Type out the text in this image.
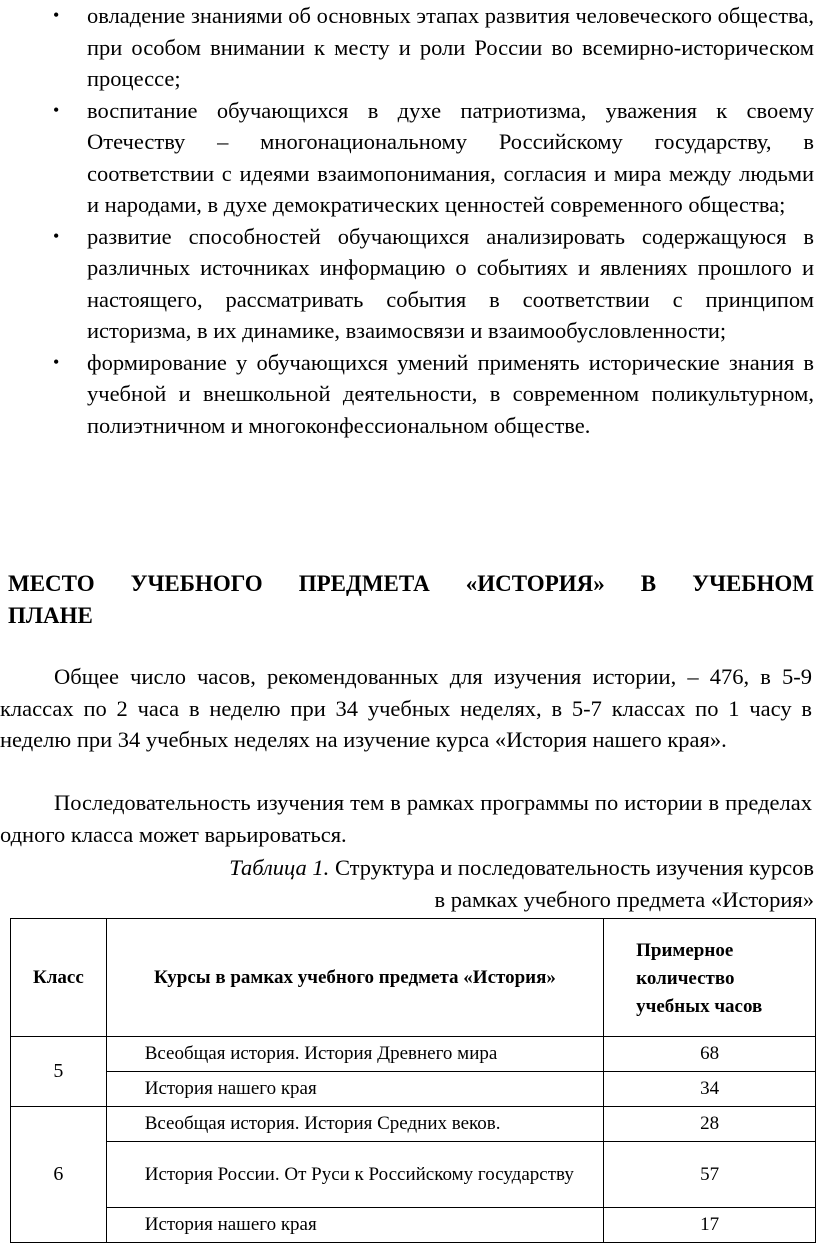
• овладение знаниями об основных этапах развития человеческого общества, при особом внимании к месту и роли России во всемирно-историческом процессе;
• воспитание обучающихся в духе патриотизма, уважения к своему Отечеству – многонациональному Российскому государству, в соответствии с идеями взаимопонимания, согласия и мира между людьми и народами, в духе демократических ценностей современного общества;
• развитие способностей обучающихся анализировать содержащуюся в различных источниках информацию о событиях и явлениях прошлого и настоящего, рассматривать события в соответствии с принципом историзма, в их динамике, взаимосвязи и взаимообусловленности;
• формирование у обучающихся умений применять исторические знания в учебной и внешкольной деятельности, в современном поликультурном, полиэтничном и многоконфессиональном обществе.
МЕСТО УЧЕБНОГО ПРЕДМЕТА «ИСТОРИЯ» В УЧЕБНОМ
ПЛАНЕ

Общее число часов, рекомендованных для изучения истории, – 476, в 5-9 классах по 2 часа в неделю при 34 учебных неделях, в 5-7 классах по 1 часу в неделю при 34 учебных неделях на изучение курса «История нашего края».

Последовательность изучения тем в рамках программы по истории в пределах одного класса может варьироваться.

Таблица 1. Структура и последовательность изучения курсов
в рамках учебного предмета «История»
Класс	Курсы в рамках учебного предмета «История»	Примерное количество учебных часов
5	Всеобщая история. История Древнего мира	68
	История нашего края	34
6	Всеобщая история. История Средних веков.	28

	История России. От Руси к Российскому государству	57
	История нашего края	17
